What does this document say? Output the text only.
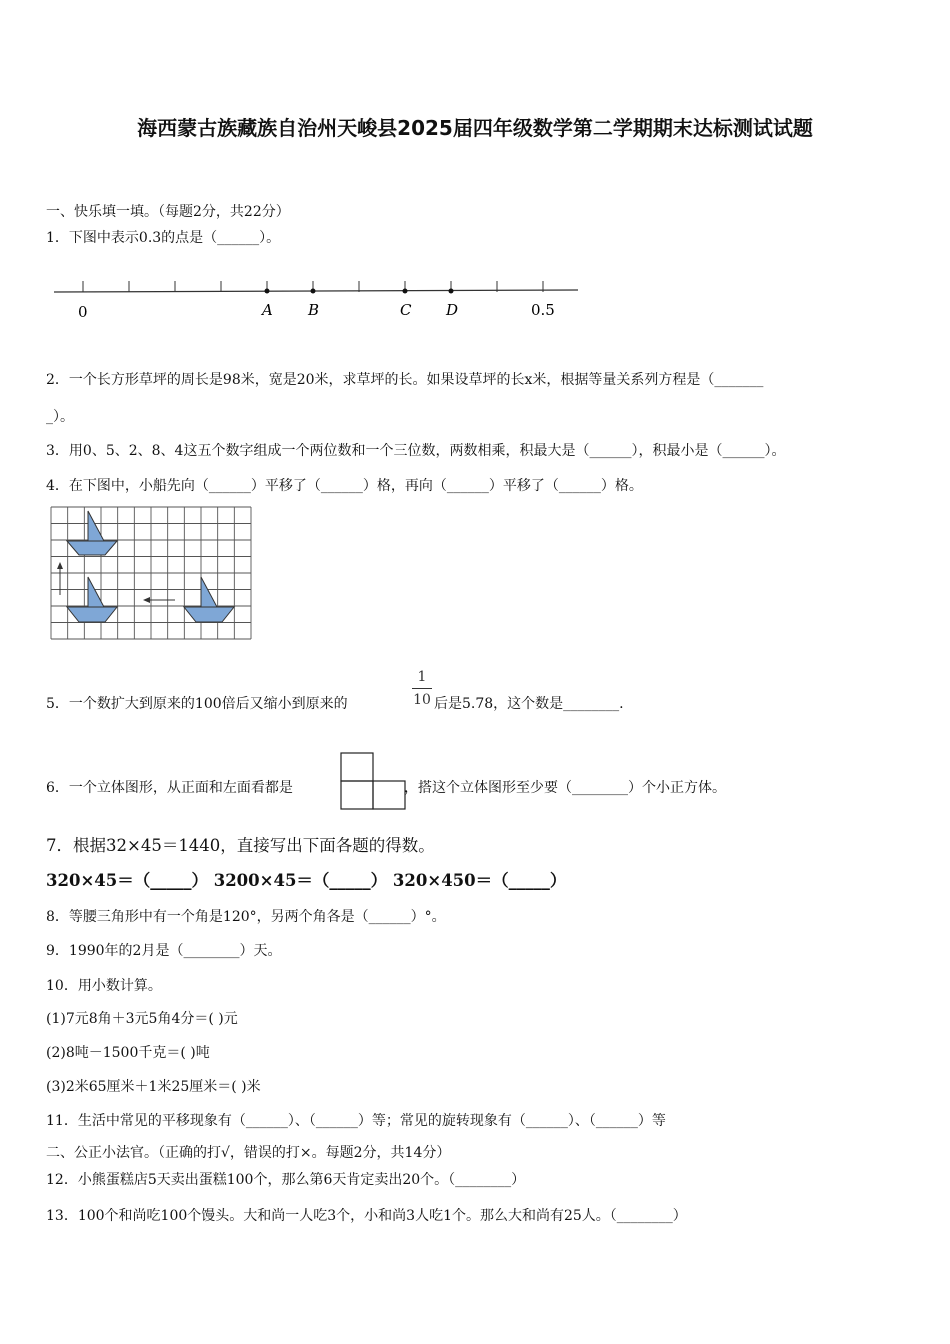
海西蒙古族藏族自治州天峻县2025届四年级数学第二学期期末达标测试试题
一、快乐填一填。（每题2分，共22分）
1．下图中表示0.3的点是（______）。
A B	C D
0	0.5
2．一个长方形草坪的周长是98米，宽是20米，求草坪的长。如果设草坪的长x米，根据等量关系列方程是（_______
_）。
3．用0、5、2、8、4这五个数字组成一个两位数和一个三位数，两数相乘，积最大是（______），积最小是（______）。
4．在下图中，小船先向（______）平移了（______）格，再向（______）平移了（______）格。
5．一个数扩大到原来的100倍后又缩小到原来的
1
10 后是5.78，这个数是________.
6．一个立体图形，从正面和左面看都是	，搭这个立体图形至少要（________）个小正方体。
7．根据32×45＝1440，直接写出下面各题的得数。
320×45＝（_____） 3200×45＝（_____） 320×450＝（_____）
8．等腰三角形中有一个角是120°，另两个角各是（______）°。
9．1990年的2月是（________）天。
10．用小数计算。
(1)7元8角＋3元5角4分＝( )元
(2)8吨－1500千克＝( )吨
(3)2米65厘米＋1米25厘米＝( )米
11．生活中常见的平移现象有（______）、（______）等；常见的旋转现象有（______）、（______）等
二、公正小法官。（正确的打√，错误的打×。每题2分，共14分）
12．小熊蛋糕店5天卖出蛋糕100个，那么第6天肯定卖出20个。（________）
13．100个和尚吃100个馒头。大和尚一人吃3个，小和尚3人吃1个。那么大和尚有25人。（________）
